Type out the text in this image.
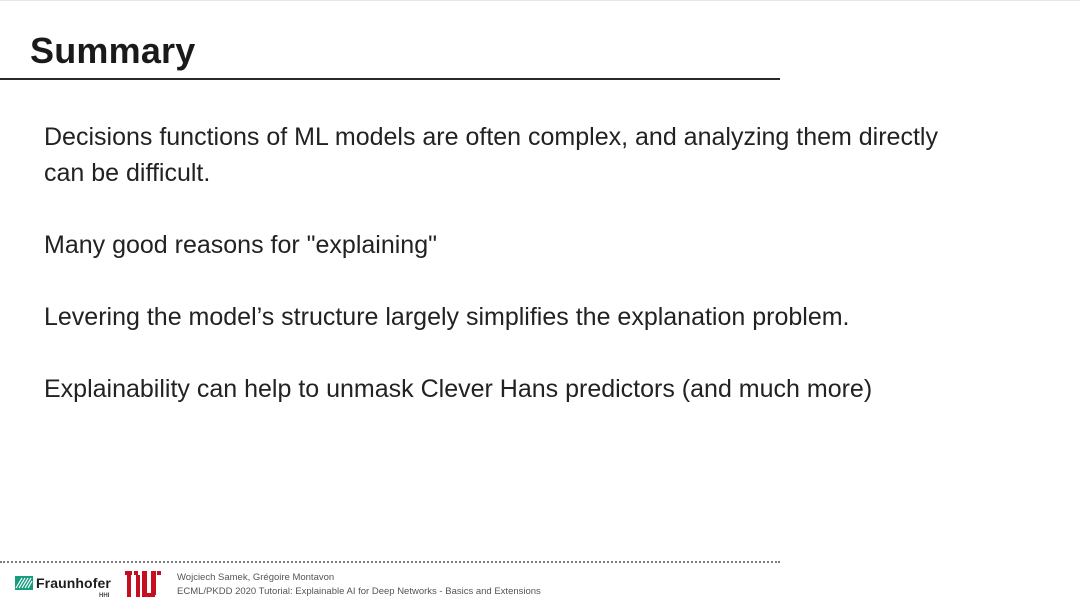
Summary
Decisions functions of ML models are often complex, and analyzing them directly can be difficult.
Many good reasons for "explaining"
Levering the model’s structure largely simplifies the explanation problem.
Explainability can help to unmask Clever Hans predictors (and much more)
Fraunhofer
HHI
Wojciech Samek, Grégoire Montavon
ECML/PKDD 2020 Tutorial: Explainable AI for Deep Networks - Basics and Extensions
